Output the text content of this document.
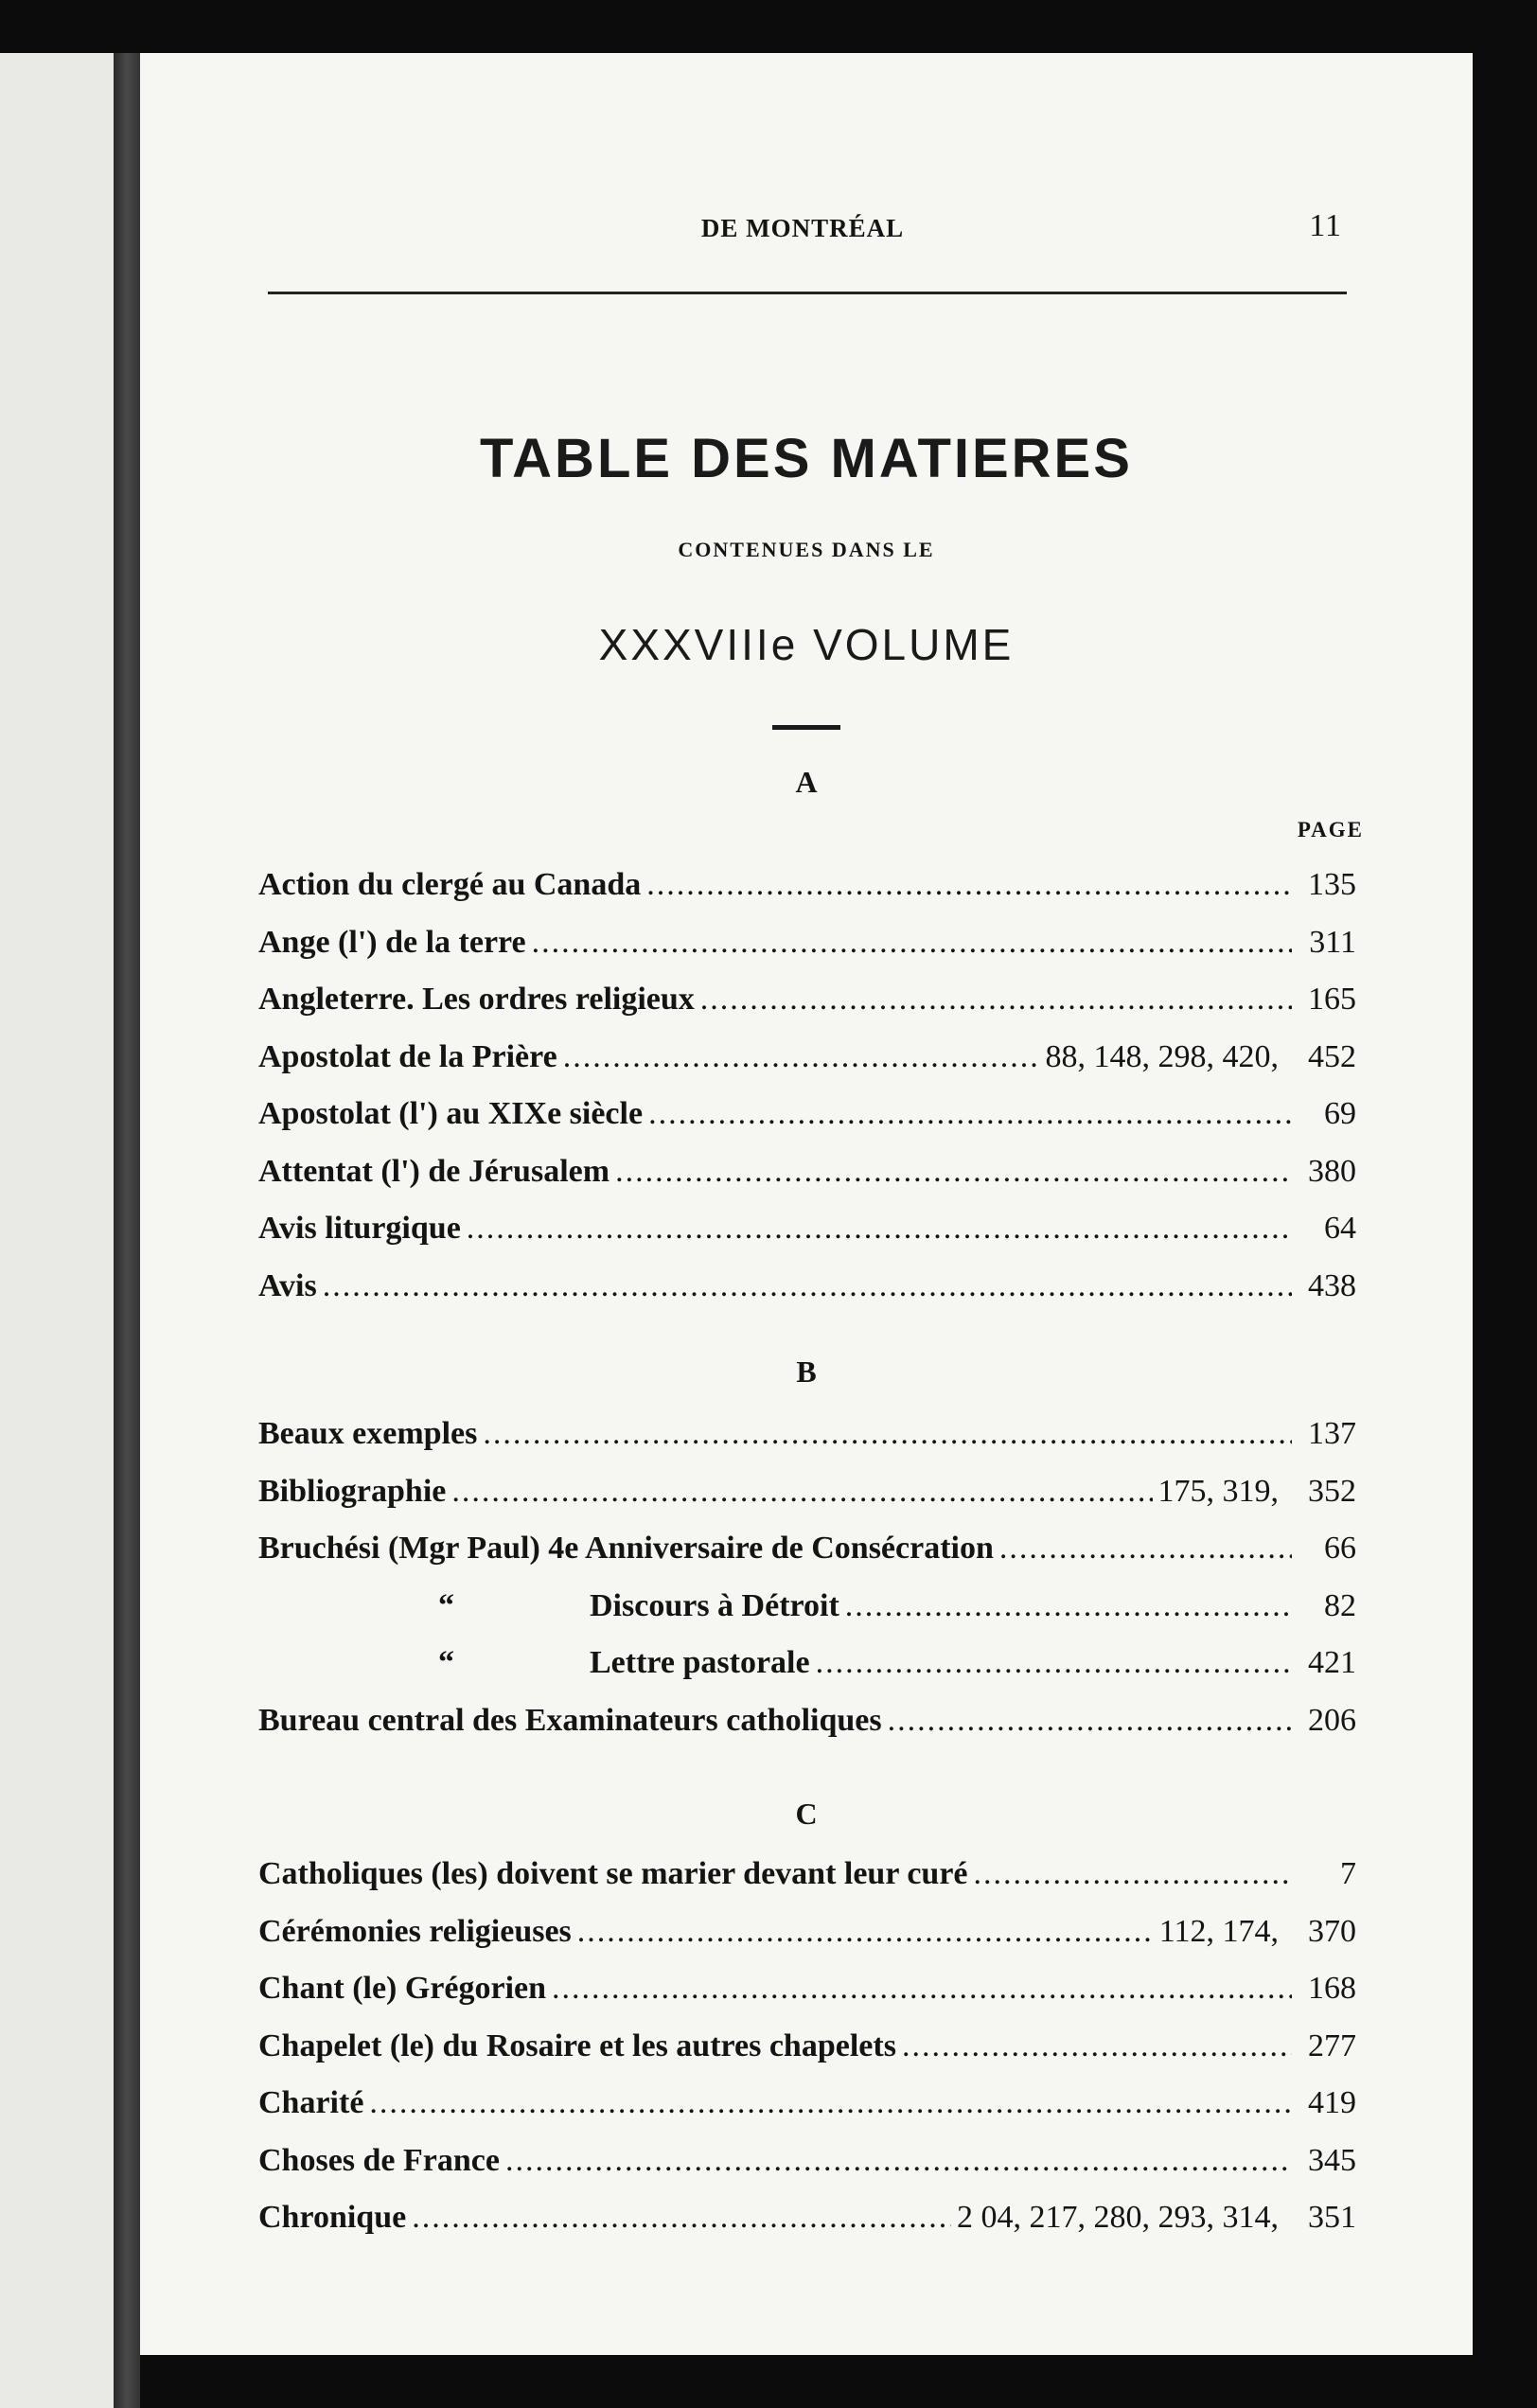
DE MONTRÉAL	11
TABLE DES MATIERES
CONTENUES DANS LE
XXXVIIIe VOLUME
PAGE
A
Action du clergé au Canada .....	135
Ange (l') de la terre .....	311
Angleterre. Les ordres religieux .....	165
Apostolat de la Prière .....	88, 148, 298, 420, 452
Apostolat (l') au XIXe siècle .....	69
Attentat (l') de Jérusalem .....	380
Avis liturgique .....	64
Avis .....	438
B
Beaux exemples .....	137
Bibliographie .....	175, 319, 352
Bruchési (Mgr Paul) 4e Anniversaire de Consécration .....	66
“	Discours à Détroit .....	82
“	Lettre pastorale .....	421
Bureau central des Examinateurs catholiques .....	206
C
Catholiques (les) doivent se marier devant leur curé .....	7
Cérémonies religieuses .....	112, 174, 370
Chant (le) Grégorien .....	168
Chapelet (le) du Rosaire et les autres chapelets .....	277
Charité .....	419
Choses de France .....	345
Chronique .....	2 04, 217, 280, 293, 314, 351
